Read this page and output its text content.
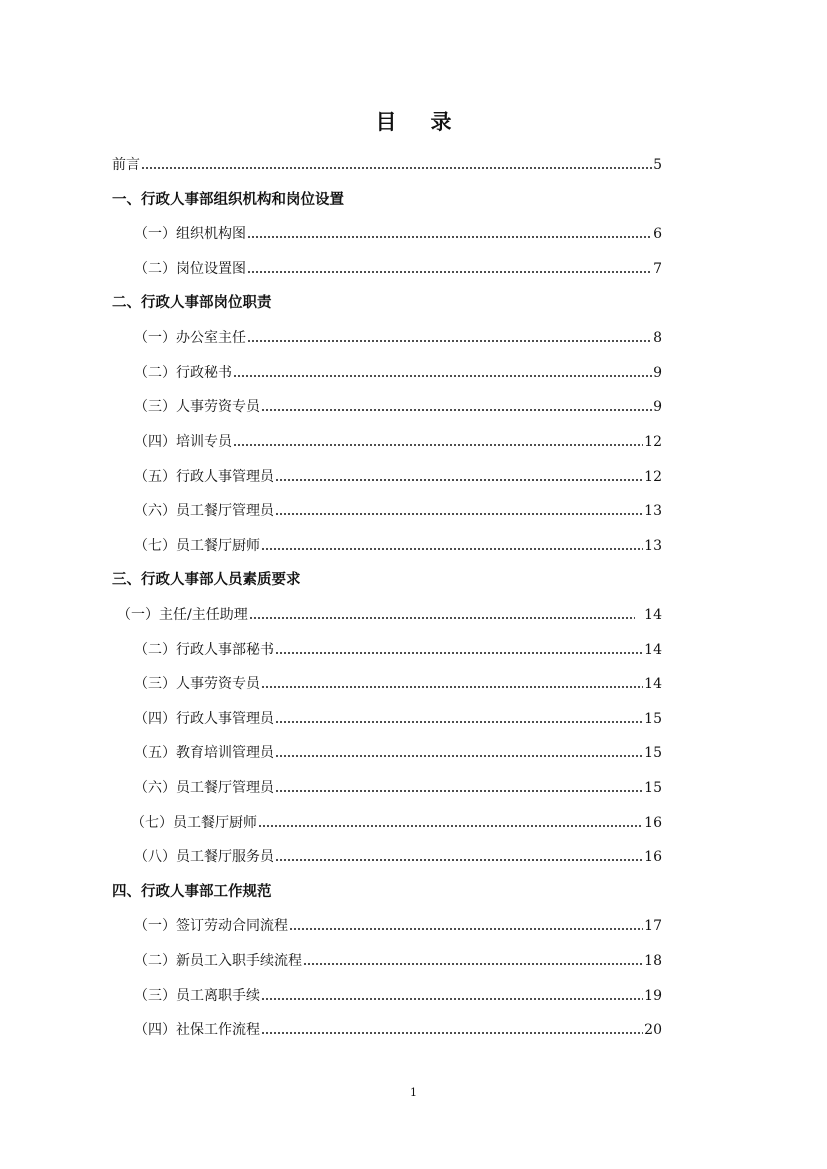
目录
前言	5
一、行政人事部组织机构和岗位设置
（一）组织机构图	6
（二）岗位设置图	7
二、行政人事部岗位职责
（一）办公室主任	8
（二）行政秘书	9
（三）人事劳资专员	9
（四）培训专员	12
（五）行政人事管理员	12
（六）员工餐厅管理员	13
（七）员工餐厅厨师	13
三、行政人事部人员素质要求
（一）主任/主任助理	14
（二）行政人事部秘书	14
（三）人事劳资专员	14
（四）行政人事管理员	15
（五）教育培训管理员	15
（六）员工餐厅管理员	15
（七）员工餐厅厨师	16
（八）员工餐厅服务员	16
四、行政人事部工作规范
（一）签订劳动合同流程	17
（二）新员工入职手续流程	18
（三）员工离职手续	19
（四）社保工作流程	20
1
